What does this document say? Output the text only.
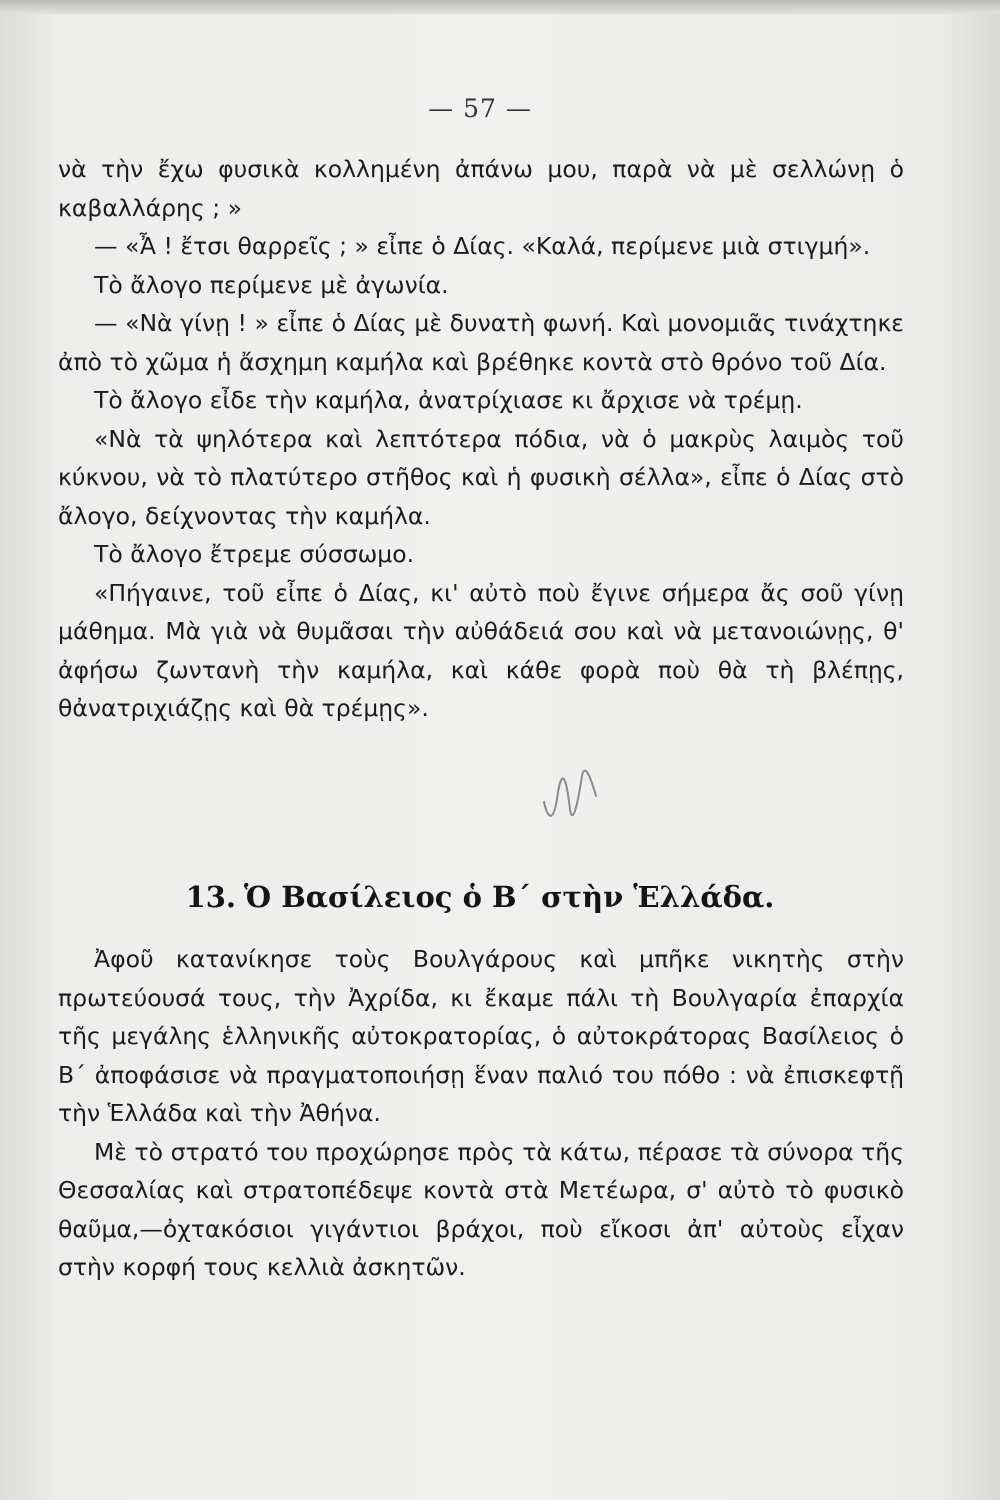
— 57 —

νὰ τὴν ἔχω φυσικὰ κολλημένη ἀπάνω μου, παρὰ νὰ μὲ σελλώνῃ ὁ καβαλλάρης ; »

— «Ἆ ! ἔτσι θαρρεῖς ; » εἶπε ὁ Δίας. «Καλά, περίμενε μιὰ στιγμή».

Τὸ ἄλογο περίμενε μὲ ἀγωνία.

— «Νὰ γίνῃ ! » εἶπε ὁ Δίας μὲ δυνατὴ φωνή. Καὶ μονομιᾶς τινάχτηκε ἀπὸ τὸ χῶμα ἡ ἄσχημη καμήλα καὶ βρέθηκε κοντὰ στὸ θρόνο τοῦ Δία.

Τὸ ἄλογο εἶδε τὴν καμήλα, ἀνατρίχιασε κι ἄρχισε νὰ τρέμῃ.

«Νὰ τὰ ψηλότερα καὶ λεπτότερα πόδια, νὰ ὁ μακρὺς λαιμὸς τοῦ κύκνου, νὰ τὸ πλατύτερο στῆθος καὶ ἡ φυσικὴ σέλλα», εἶπε ὁ Δίας στὸ ἄλογο, δείχνοντας τὴν καμήλα.

Τὸ ἄλογο ἔτρεμε σύσσωμο.

«Πήγαινε, τοῦ εἶπε ὁ Δίας, κι' αὐτὸ ποὺ ἔγινε σήμερα ἄς σοῦ γίνῃ μάθημα. Μὰ γιὰ νὰ θυμᾶσαι τὴν αὐθάδειά σου καὶ νὰ μετανοιώνῃς, θ' ἀφήσω ζωντανὴ τὴν καμήλα, καὶ κάθε φορὰ ποὺ θὰ τὴ βλέπῃς, θἀνατριχιάζῃς καὶ θὰ τρέμῃς».

13. Ὁ Βασίλειος ὁ Β΄ στὴν Ἑλλάδα.

Ἀφοῦ κατανίκησε τοὺς Βουλγάρους καὶ μπῆκε νικητὴς στὴν πρωτεύουσά τους, τὴν Ἀχρίδα, κι ἔκαμε πάλι τὴ Βουλγαρία ἐπαρχία τῆς μεγάλης ἑλληνικῆς αὐτοκρατορίας, ὁ αὐτοκράτορας Βασίλειος ὁ Β΄ ἀποφάσισε νὰ πραγματοποιήσῃ ἕναν παλιό του πόθο : νὰ ἐπισκεφτῇ τὴν Ἑλλάδα καὶ τὴν Ἀθήνα.

Μὲ τὸ στρατό του προχώρησε πρὸς τὰ κάτω, πέρασε τὰ σύνορα τῆς Θεσσαλίας καὶ στρατοπέδεψε κοντὰ στὰ Μετέωρα, σ' αὐτὸ τὸ φυσικὸ θαῦμα,—ὀχτακόσιοι γιγάντιοι βράχοι, ποὺ εἴκοσι ἀπ' αὐτοὺς εἶχαν στὴν κορφή τους κελλιὰ ἀσκητῶν.
